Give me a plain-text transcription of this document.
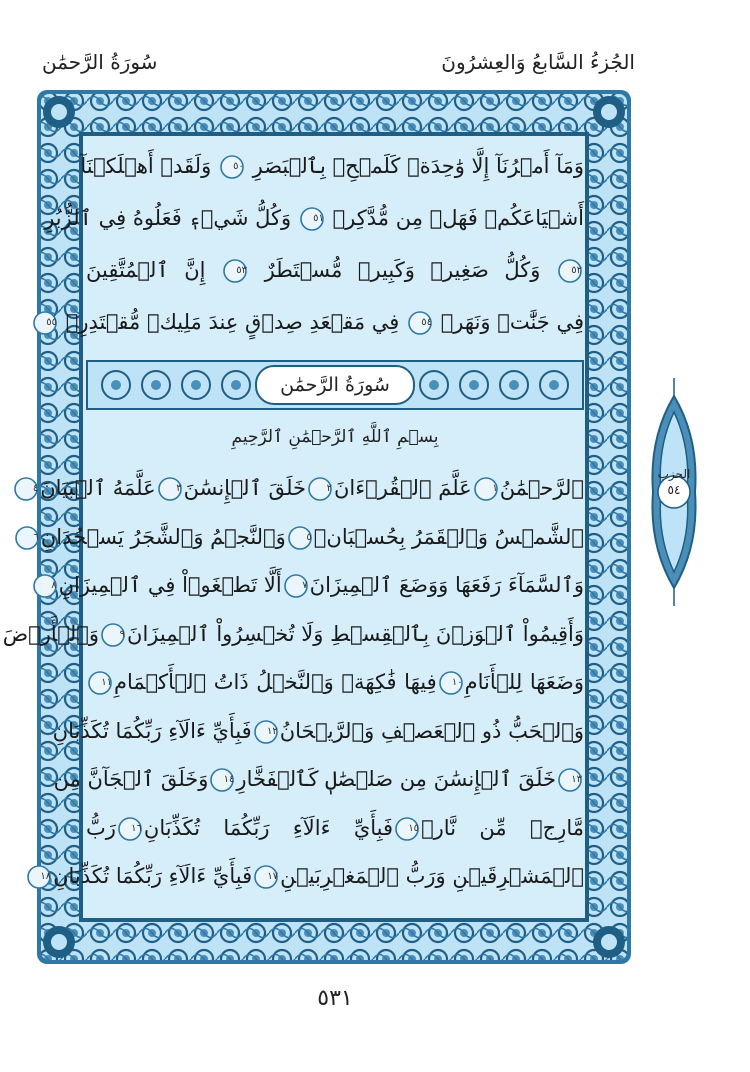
الجُزءُ السَّابعُ وَالعِشرُونَ
سُورَةُ الرَّحمَٰن
وَمَآ أَمۡرُنَآ إِلَّا وَٰحِدَةٞ كَلَمۡحِۭ بِٱلۡبَصَرِ
٥٠
وَلَقَدۡ أَهۡلَكۡنَآ
أَشۡيَاعَكُمۡ فَهَلۡ مِن مُّدَّكِرٖ
٥١
وَكُلُّ شَيۡءٖ فَعَلُوهُ فِي ٱلزُّبُرِ
٥٢
وَكُلُّ صَغِيرٖ وَكَبِيرٖ مُّسۡتَطَرٌ
٥٣
إِنَّ ٱلۡمُتَّقِينَ
فِي جَنَّٰتٖ وَنَهَرٖ
٥٤
فِي مَقۡعَدِ صِدۡقٍ عِندَ مَلِيكٖ مُّقۡتَدِرِۭ
٥٥
سُورَةُ الرَّحمَٰن
بِسۡمِ ٱللَّهِ ٱلرَّحۡمَٰنِ ٱلرَّحِيمِ
ٱلرَّحۡمَٰنُ
١
عَلَّمَ ٱلۡقُرۡءَانَ
٢
خَلَقَ ٱلۡإِنسَٰنَ
٣
عَلَّمَهُ ٱلۡبَيَانَ
٤
ٱلشَّمۡسُ وَٱلۡقَمَرُ بِحُسۡبَانٖ
٥
وَٱلنَّجۡمُ وَٱلشَّجَرُ يَسۡجُدَانِ
٦
وَٱلسَّمَآءَ رَفَعَهَا وَوَضَعَ ٱلۡمِيزَانَ
٧
أَلَّا تَطۡغَوۡاْ فِي ٱلۡمِيزَانِ
٨
وَأَقِيمُواْ ٱلۡوَزۡنَ بِٱلۡقِسۡطِ وَلَا تُخۡسِرُواْ ٱلۡمِيزَانَ
٩
وَٱلۡأَرۡضَ
وَضَعَهَا لِلۡأَنَامِ
١٠
فِيهَا فَٰكِهَةٞ وَٱلنَّخۡلُ ذَاتُ ٱلۡأَكۡمَامِ
١١
وَٱلۡحَبُّ ذُو ٱلۡعَصۡفِ وَٱلرَّيۡحَانُ
١٢
فَبِأَيِّ ءَالَآءِ رَبِّكُمَا تُكَذِّبَانِ
١٣
خَلَقَ ٱلۡإِنسَٰنَ مِن صَلۡصَٰلٖ كَٱلۡفَخَّارِ
١٤
وَخَلَقَ ٱلۡجَآنَّ مِن
مَّارِجٖ مِّن نَّارٖ
١٥
فَبِأَيِّ ءَالَآءِ رَبِّكُمَا تُكَذِّبَانِ
١٦
رَبُّ
ٱلۡمَشۡرِقَيۡنِ وَرَبُّ ٱلۡمَغۡرِبَيۡنِ
١٧
فَبِأَيِّ ءَالَآءِ رَبِّكُمَا تُكَذِّبَانِ
١٨
الحزب
٥٤
٥٣١
